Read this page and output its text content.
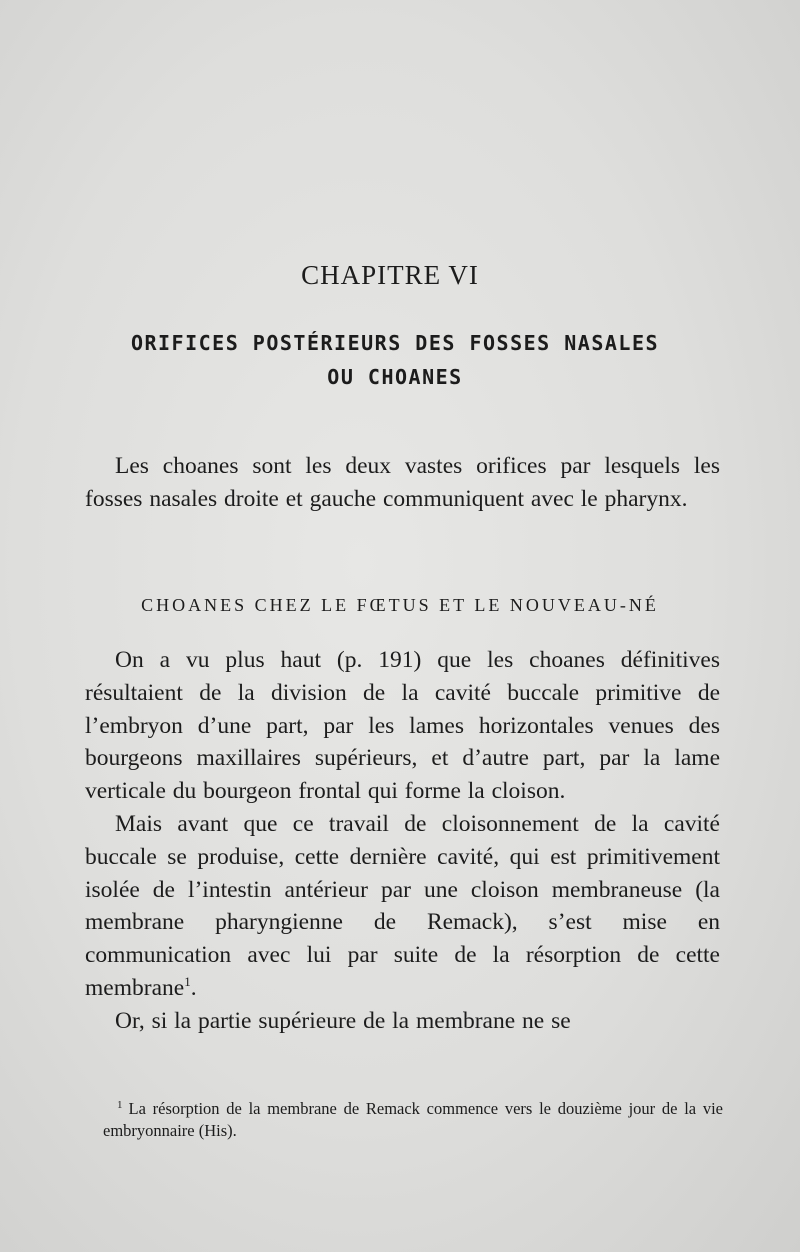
CHAPITRE VI
ORIFICES POSTÉRIEURS DES FOSSES NASALES
OU CHOANES

Les choanes sont les deux vastes orifices par lesquels les fosses nasales droite et gauche communiquent avec le pharynx.

CHOANES CHEZ LE FŒTUS ET LE NOUVEAU-NÉ

On a vu plus haut (p. 191) que les choanes définitives résultaient de la division de la cavité buccale primitive de l’embryon d’une part, par les lames horizontales venues des bourgeons maxillaires supérieurs, et d’autre part, par la lame verticale du bourgeon frontal qui forme la cloison.

Mais avant que ce travail de cloisonnement de la cavité buccale se produise, cette dernière cavité, qui est primitivement isolée de l’intestin antérieur par une cloison membraneuse (la membrane pharyngienne de Remack), s’est mise en communication avec lui par suite de la résorption de cette membrane$^1$.

Or, si la partie supérieure de la membrane ne se

$^1$ La résorption de la membrane de Remack commence vers le douzième jour de la vie embryonnaire (His).
